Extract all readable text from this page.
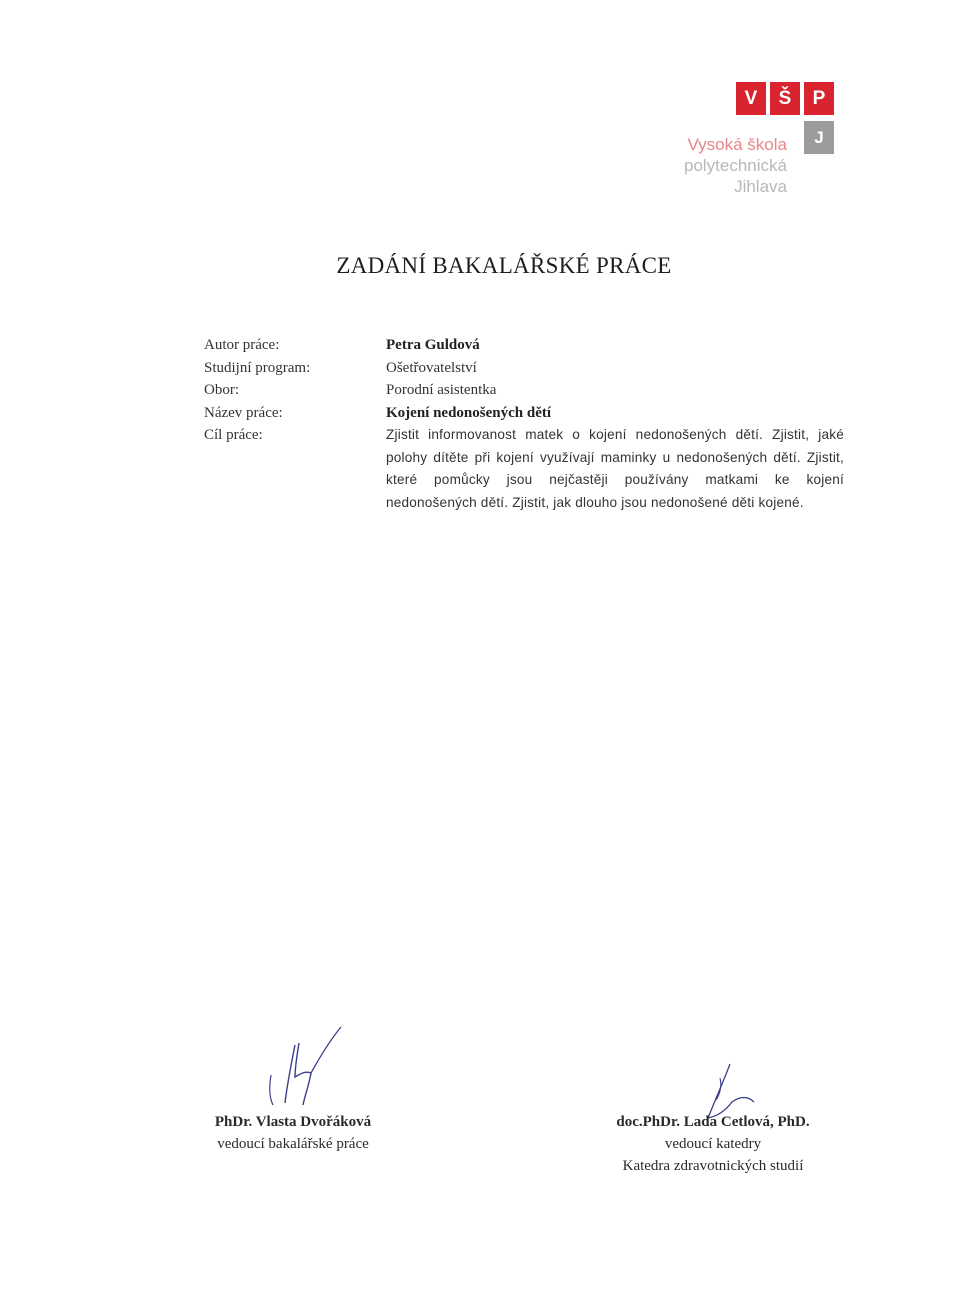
V	Š	P
J
Vysoká škola
polytechnická
Jihlava
ZADÁNÍ BAKALÁŘSKÉ PRÁCE
Autor práce:	Petra Guldová
Studijní program:	Ošetřovatelství
Obor:	Porodní asistentka
Název práce:	Kojení nedonošených dětí
Cíl práce:	Zjistit informovanost matek o kojení nedonošených dětí. Zjistit, jaké polohy dítěte při kojení využívají maminky u nedonošených dětí. Zjistit, které pomůcky jsou nejčastěji používány matkami ke kojení nedonošených dětí. Zjistit, jak dlouho jsou nedonošené děti kojené.
PhDr. Vlasta Dvořáková
vedoucí bakalářské práce
doc.PhDr. Lada Cetlová, PhD.
vedoucí katedry
Katedra zdravotnických studií
